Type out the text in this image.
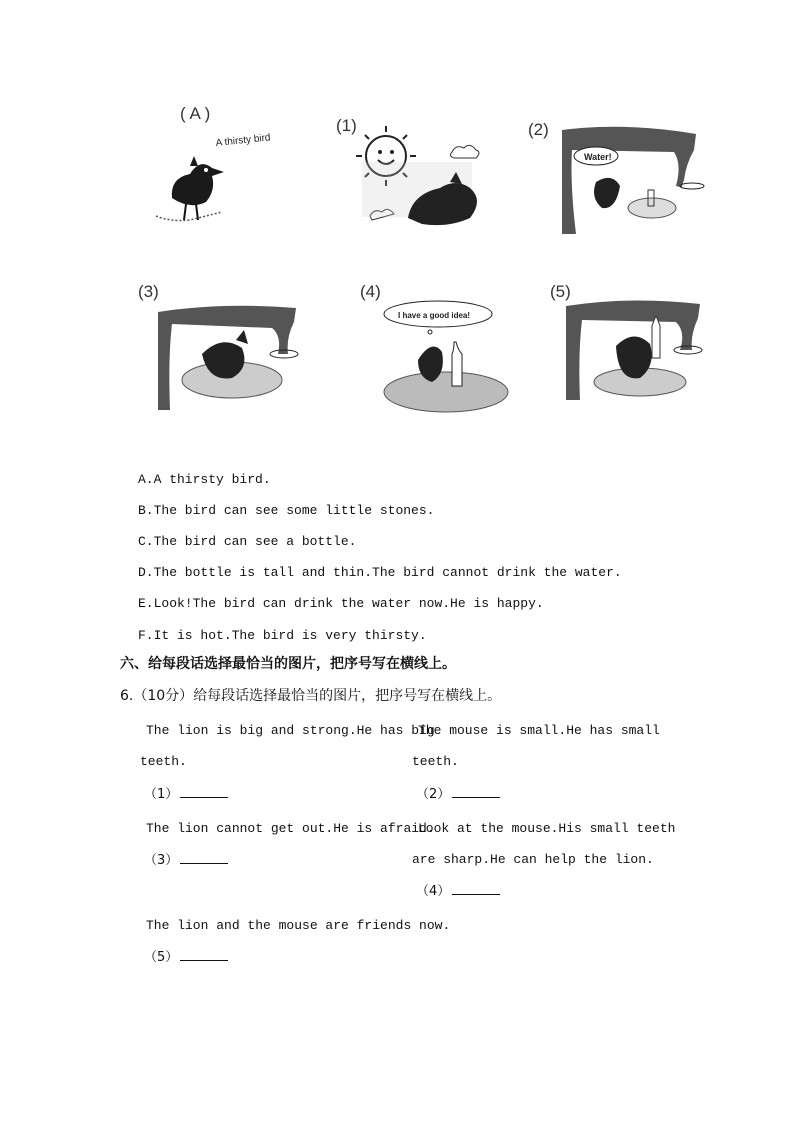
( A )
A thirsty bird
(1)	(2)
Water!
(3)	(4)
I have a good idea!
(5)
A.A thirsty bird.
B.The bird can see some little stones.
C.The bird can see a bottle.
D.The bottle is tall and thin.The bird cannot drink the water.
E.Look!The bird can drink the water now.He is happy.
F.It is hot.The bird is very thirsty.
六、给每段话选择最恰当的图片，把序号写在横线上。
6.（10分）给每段话选择最恰当的图片，把序号写在横线上。
The lion is big and strong.He has big
teeth.
（1）
The mouse is small.He has small
teeth.
（2）
The lion cannot get out.He is afraid.
（3）
Look at the mouse.His small teeth
are sharp.He can help the lion.
（4）
The lion and the mouse are friends now.
（5）
